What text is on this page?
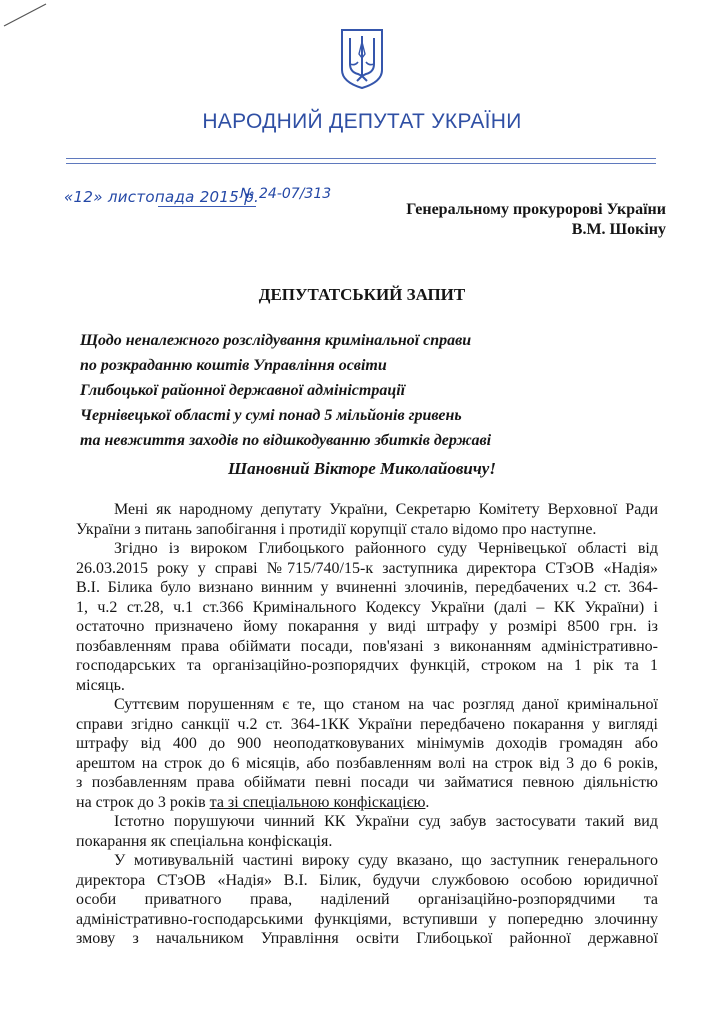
НАРОДНИЙ ДЕПУТАТ УКРАЇНИ
«12» листопада 2015 р.
№ 24-07/313
Генеральному прокуророві України
В.М. Шокіну
ДЕПУТАТСЬКИЙ ЗАПИТ
Щодо неналежного розслідування кримінальної справи
по розкраданню коштів Управління освіти
Глибоцької районної державної адміністрації
Чернівецької області у сумі понад 5 мільйонів гривень
та невжиття заходів по відшкодуванню збитків державі
Шановний Вікторе Миколайовичу!
Мені як народному депутату України, Секретарю Комітету Верховної Ради
України з питань запобігання і протидії корупції стало відомо про наступне.
Згідно із вироком Глибоцького районного суду Чернівецької області від
26.03.2015 року у справі №715/740/15-к заступника директора СТзОВ «Надія»
В.І. Білика було визнано винним у вчиненні злочинів, передбачених ч.2 ст. 364-
1, ч.2 ст.28, ч.1 ст.366 Кримінального Кодексу України (далі – КК України) і
остаточно призначено йому покарання у виді штрафу у розмірі 8500 грн. із
позбавленням права обіймати посади, пов'язані з виконанням адміністративно-
господарських та організаційно-розпорядчих функцій, строком на 1 рік та 1
місяць.
Суттєвим порушенням є те, що станом на час розгляд даної кримінальної
справи згідно санкції ч.2 ст. 364-1КК України передбачено покарання у вигляді
штрафу від 400 до 900 неоподатковуваних мінімумів доходів громадян або
арештом на строк до 6 місяців, або позбавленням волі на строк від 3 до 6 років,
з позбавленням права обіймати певні посади чи займатися певною діяльністю
на строк до 3 років та зі спеціальною конфіскацією.
Істотно порушуючи чинний КК України суд забув застосувати такий вид
покарання як спеціальна конфіскація.
У мотивувальній частині вироку суду вказано, що заступник генерального
директора СТзОВ «Надія» В.І. Білик, будучи службовою особою юридичної
особи приватного права, наділений організаційно-розпорядчими та
адміністративно-господарськими функціями, вступивши у попередню злочинну
змову з начальником Управління освіти Глибоцької районної державної
